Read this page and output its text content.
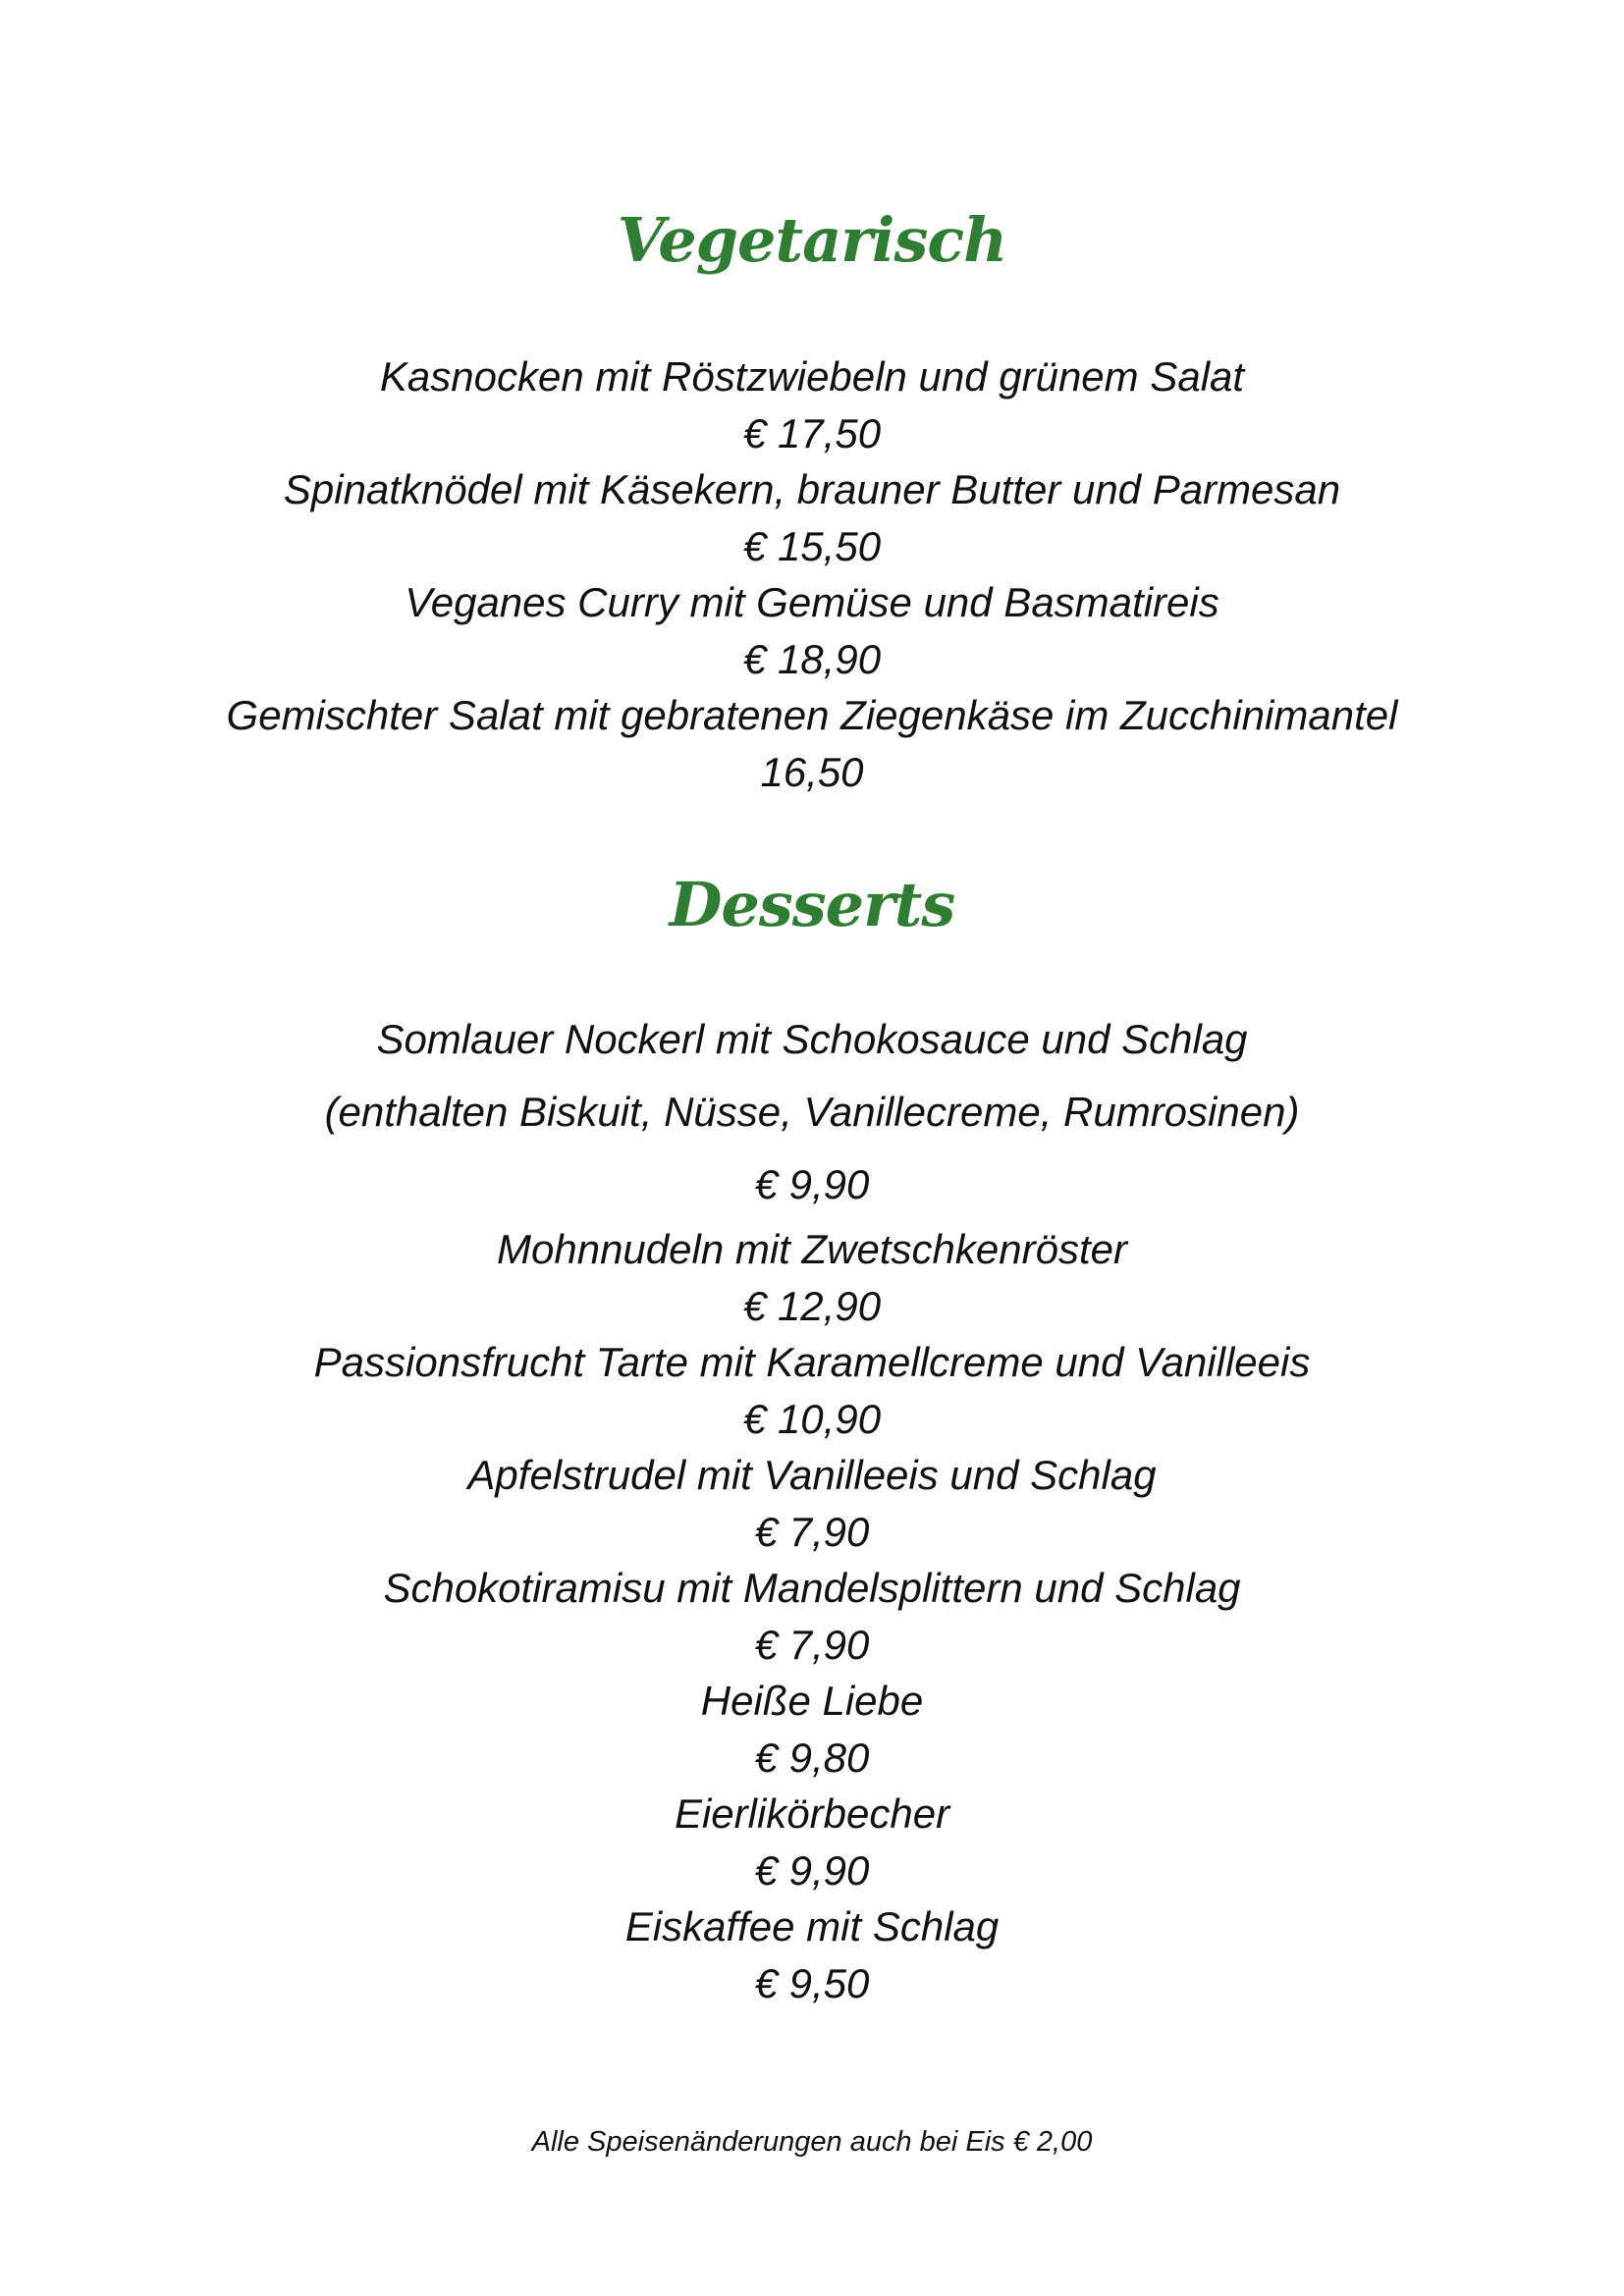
Vegetarisch
Kasnocken mit Röstzwiebeln und grünem Salat
€ 17,50
Spinatknödel mit Käsekern, brauner Butter und Parmesan
€ 15,50
Veganes Curry mit Gemüse und Basmatireis
€ 18,90
Gemischter Salat mit gebratenen Ziegenkäse im Zucchinimantel
16,50
Desserts
Somlauer Nockerl mit Schokosauce und Schlag
(enthalten Biskuit, Nüsse, Vanillecreme, Rumrosinen)
€ 9,90
Mohnnudeln mit Zwetschkenröster
€ 12,90
Passionsfrucht Tarte mit Karamellcreme und Vanilleeis
€ 10,90
Apfelstrudel mit Vanilleeis und Schlag
€ 7,90
Schokotiramisu mit Mandelsplittern und Schlag
€ 7,90
Heiße Liebe
€ 9,80
Eierlikörbecher
€ 9,90
Eiskaffee mit Schlag
€ 9,50
Alle Speisenänderungen auch bei Eis € 2,00
